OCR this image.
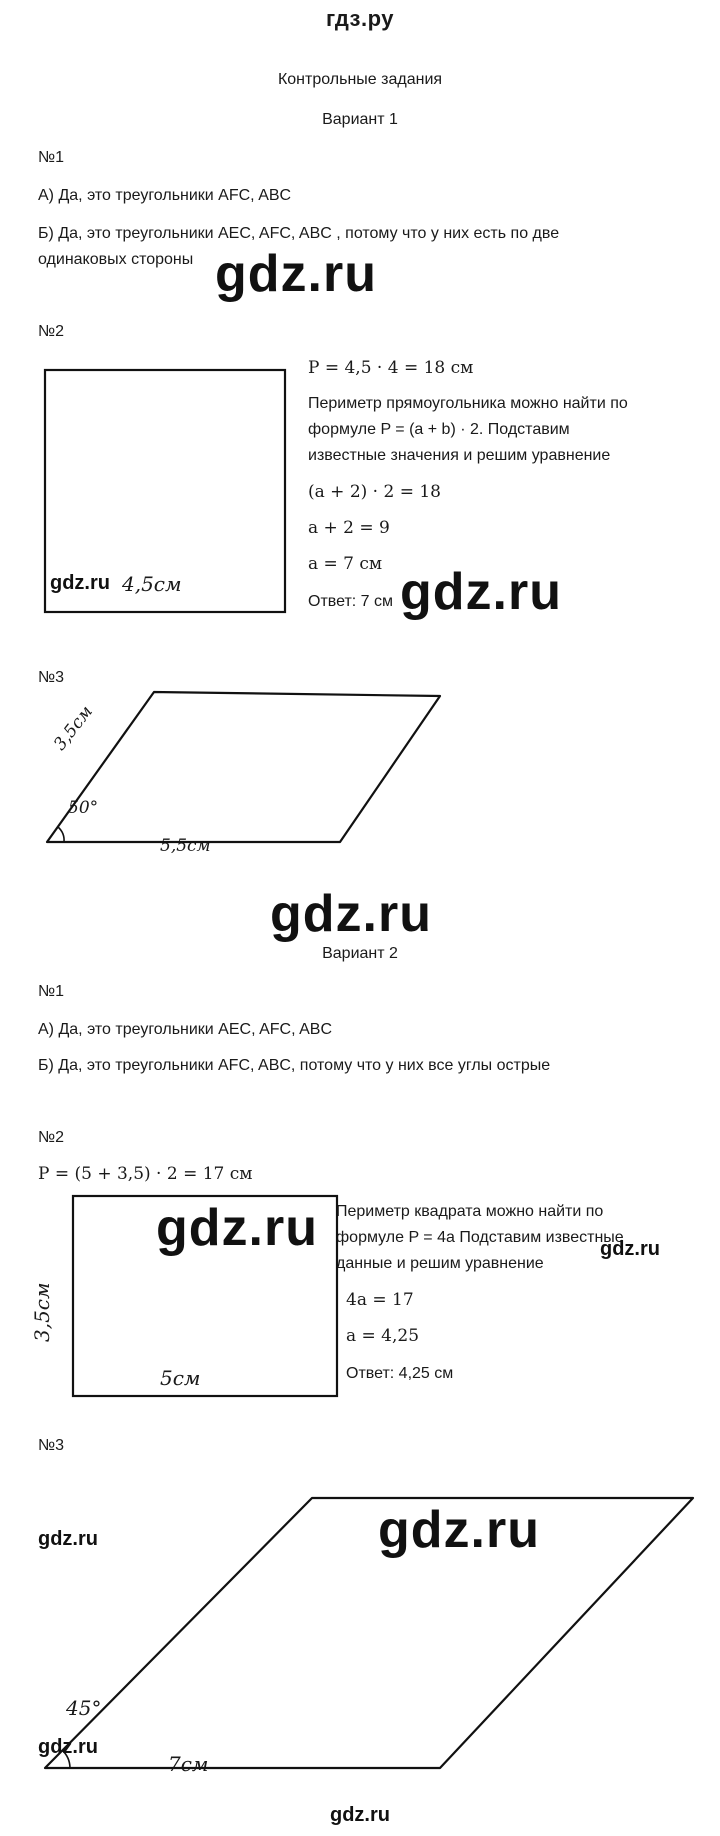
гдз.ру
Контрольные задания
Вариант 1
№1
А) Да, это треугольники AFC, ABC
Б) Да, это треугольники AEC, AFC, ABC , потому что у них есть по две
одинаковых стороны gdz.ru
№2
P = 4,5 · 4 = 18 см
Периметр прямоугольника можно найти по
формуле P = (a + b) · 2. Подставим
известные значения и решим уравнение
(a + 2) · 2 = 18
a + 2 = 9
a = 7 см
Ответ: 7 см gdz.ru
gdz.ru 4,5см
№3
3,5см
50°
5,5см
gdz.ru
Вариант 2
№1
А) Да, это треугольники AEC, AFC, ABC
Б) Да, это треугольники AFC, ABC, потому что у них все углы острые
№2
P = (5 + 3,5) · 2 = 17 см
Периметр квадрата можно найти по
формуле P = 4a Подставим известные
данные и решим уравнение
4a = 17
a = 4,25
Ответ: 4,25 см
gdz.ru	gdz.ru
3,5см
5см
№3
gdz.ru	gdz.ru
45°
gdz.ru
7см
gdz.ru
